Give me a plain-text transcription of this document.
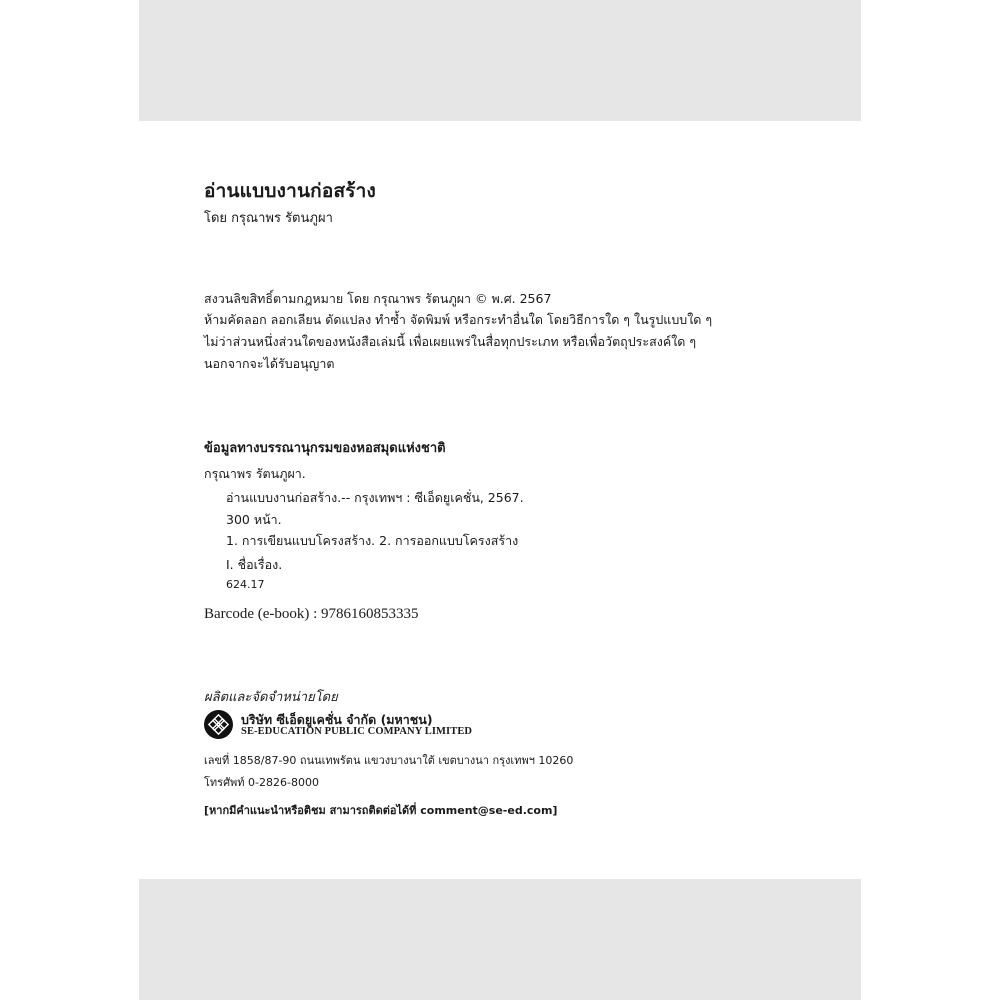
อ่านแบบงานก่อสร้าง
โดย กรุณาพร รัตนภูผา
สงวนลิขสิทธิ์ตามกฎหมาย โดย กรุณาพร รัตนภูผา © พ.ศ. 2567
ห้ามคัดลอก ลอกเลียน ดัดแปลง ทำซ้ำ จัดพิมพ์ หรือกระทำอื่นใด โดยวิธีการใด ๆ ในรูปแบบใด ๆ
ไม่ว่าส่วนหนึ่งส่วนใดของหนังสือเล่มนี้ เพื่อเผยแพร่ในสื่อทุกประเภท หรือเพื่อวัตถุประสงค์ใด ๆ
นอกจากจะได้รับอนุญาต
ข้อมูลทางบรรณานุกรมของหอสมุดแห่งชาติ
กรุณาพร รัตนภูผา.
อ่านแบบงานก่อสร้าง.-- กรุงเทพฯ : ซีเอ็ดยูเคชั่น, 2567.
300 หน้า.
1. การเขียนแบบโครงสร้าง. 2. การออกแบบโครงสร้าง
I. ชื่อเรื่อง.
624.17
Barcode (e-book) : 9786160853335
ผลิตและจัดจำหน่ายโดย
บริษัท ซีเอ็ดยูเคชั่น จำกัด (มหาชน)
SE-EDUCATION PUBLIC COMPANY LIMITED
เลขที่ 1858/87-90 ถนนเทพรัตน แขวงบางนาใต้ เขตบางนา กรุงเทพฯ 10260
โทรศัพท์ 0-2826-8000
[หากมีคำแนะนำหรือติชม สามารถติดต่อได้ที่ comment@se-ed.com]
